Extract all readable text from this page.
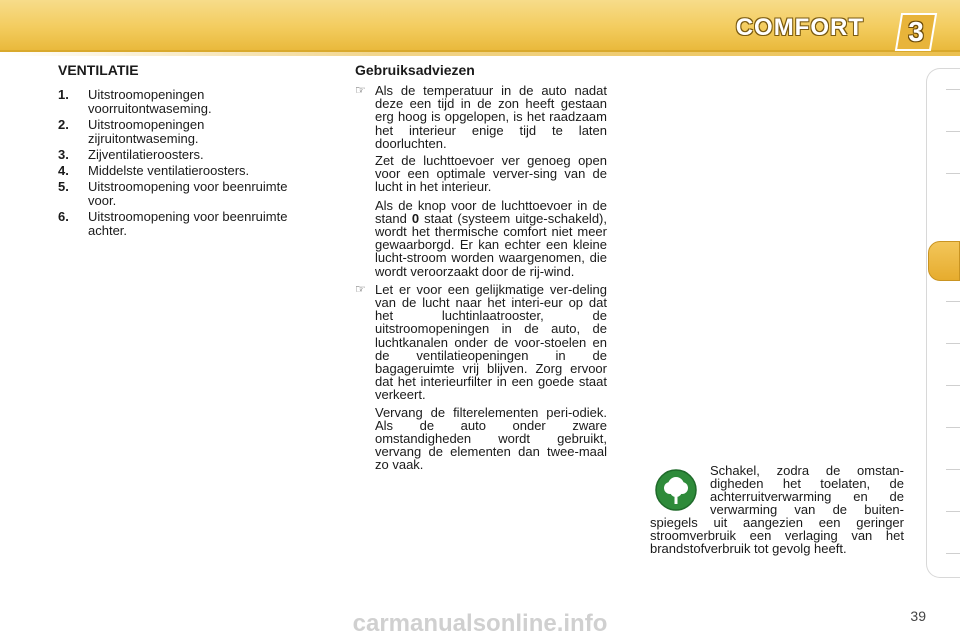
COMFORT	3
VENTILATIE
1.	Uitstroomopeningen voorruitontwaseming.
2.	Uitstroomopeningen zijruitontwaseming.
3.	Zijventilatieroosters.
4.	Middelste ventilatieroosters.
5.	Uitstroomopening voor beenruimte voor.
6.	Uitstroomopening voor beenruimte achter.
Gebruiksadviezen
☞ Als de temperatuur in de auto nadat deze een tijd in de zon heeft gestaan erg hoog is opgelopen, is het raadzaam het interieur enige tijd te laten doorluchten.
Zet de luchttoevoer ver genoeg open voor een optimale verver-sing van de lucht in het interieur.
Als de knop voor de luchttoevoer in de stand 0 staat (systeem uitge-schakeld), wordt het thermische comfort niet meer gewaarborgd. Er kan echter een kleine lucht-stroom worden waargenomen, die wordt veroorzaakt door de rij-wind.
☞ Let er voor een gelijkmatige ver-deling van de lucht naar het interi-eur op dat het luchtinlaatrooster, de uitstroomopeningen in de auto, de luchtkanalen onder de voor-stoelen en de ventilatieopeningen in de bagageruimte vrij blijven. Zorg ervoor dat het interieurfilter in een goede staat verkeert.
Vervang de filterelementen peri-odiek. Als de auto onder zware omstandigheden wordt gebruikt, vervang de elementen dan twee-maal zo vaak.	Schakel, zodra de omstan-digheden het toelaten, de achterruitverwarming en de verwarming van de buiten-spiegels uit aangezien een geringer stroomverbruik een verlaging van het brandstofverbruik tot gevolg heeft.
39
carmanualsonline.info
